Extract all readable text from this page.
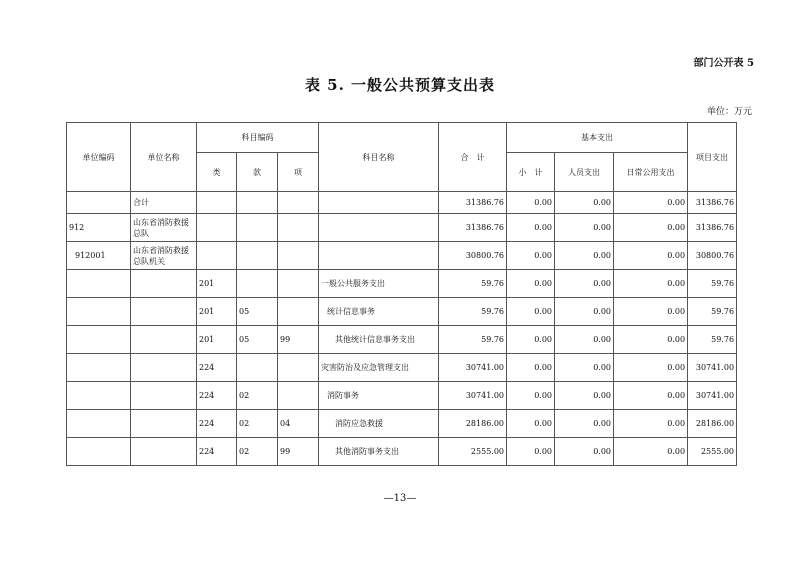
部门公开表 5
表 5. 一般公共预算支出表
单位：万元
单位编码	单位名称	科目编码			科目名称	合　计	基本支出			项目支出
		类	款	项			小　计	人员支出	日常公用支出	
	合计					31386.76	0.00	0.00	0.00	31386.76
912	山东省消防救援总队					31386.76	0.00	0.00	0.00	31386.76
912001	山东省消防救援总队机关					30800.76	0.00	0.00	0.00	30800.76
		201			一般公共服务支出	59.76	0.00	0.00	0.00	59.76
		201	05		统计信息事务	59.76	0.00	0.00	0.00	59.76
		201	05	99	其他统计信息事务支出	59.76	0.00	0.00	0.00	59.76
		224			灾害防治及应急管理支出	30741.00	0.00	0.00	0.00	30741.00
		224	02		消防事务	30741.00	0.00	0.00	0.00	30741.00
		224	02	04	消防应急救援	28186.00	0.00	0.00	0.00	28186.00
		224	02	99	其他消防事务支出	2555.00	0.00	0.00	0.00	2555.00
—13—
